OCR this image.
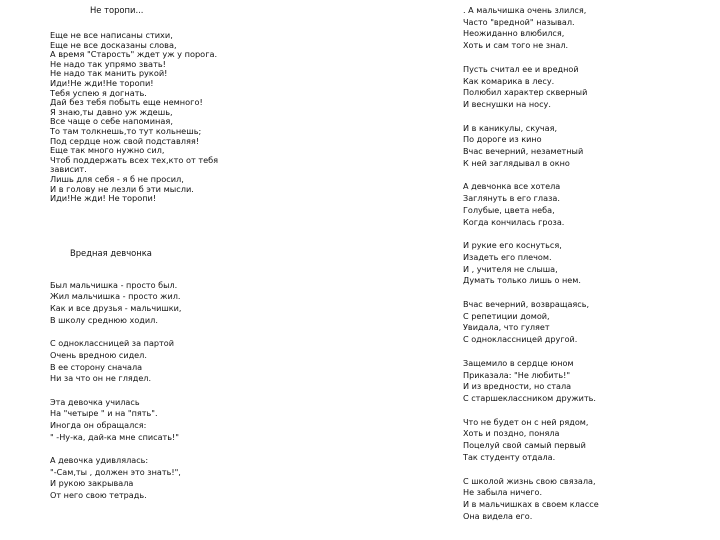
Не торопи...
Еще не все написаны стихи,
Еще не все досказаны слова,
А время "Старость" ждет уж у порога.
Не надо так упрямо звать!
Не надо так манить рукой!
Иди!Не жди!Не торопи!
Тебя успею я догнать.
Дай без тебя побыть еще немного!
Я знаю,ты давно уж ждешь,
Все чаще о себе напоминая,
То там толкнешь,то тут кольнешь;
Под сердце нож свой подставляя!
Еще так много нужно сил,
Чтоб поддержать всех тех,кто от тебя
зависит.
Лишь для себя - я б не просил,
И в голову не лезли б эти мысли.
Иди!Не жди! Не торопи!
Вредная девчонка
Был мальчишка - просто был.
Жил мальчишка - просто жил.
Как и все друзья - мальчишки,
В школу среднюю ходил.
С одноклассницей за партой
Очень вредною сидел.
В ее сторону сначала
Ни за что он не глядел.
Эта девочка училась
На "четыре " и на "пять".
Иногда он обращался:
" -Ну-ка, дай-ка мне списать!"
А девочка удивлялась:
"-Сам,ты , должен это знать!",
И рукою закрывала
От него свою тетрадь.
. А мальчишка очень злился,
Часто "вредной" называл.
Неожиданно влюбился,
Хоть и сам того не знал.
Пусть считал ее и вредной
Как комарика в лесу.
Полюбил характер скверный
И веснушки на носу.
И в каникулы, скучая,
По дороге из кино
Вчас вечерний, незаметный
К ней заглядывал в окно
А девчонка все хотела
Заглянуть в его глаза.
Голубые, цвета неба,
Когда кончилась гроза.
И рукие его коснуться,
Изадеть его плечом.
И , учителя не слыша,
Думать только лишь о нем.
Вчас вечерний, возвращаясь,
С репетиции домой,
Увидала, что гуляет
С одноклассницей другой.
Защемило в сердце юном
Приказала: "Не любить!"
И из вредности, но стала
С старшеклассником дружить.
Что не будет он с ней рядом,
Хоть и поздно, поняла
Поцелуй свой самый первый
Так студенту отдала.
С школой жизнь свою связала,
Не забыла ничего.
И в мальчишках в своем классе
Она видела его.
